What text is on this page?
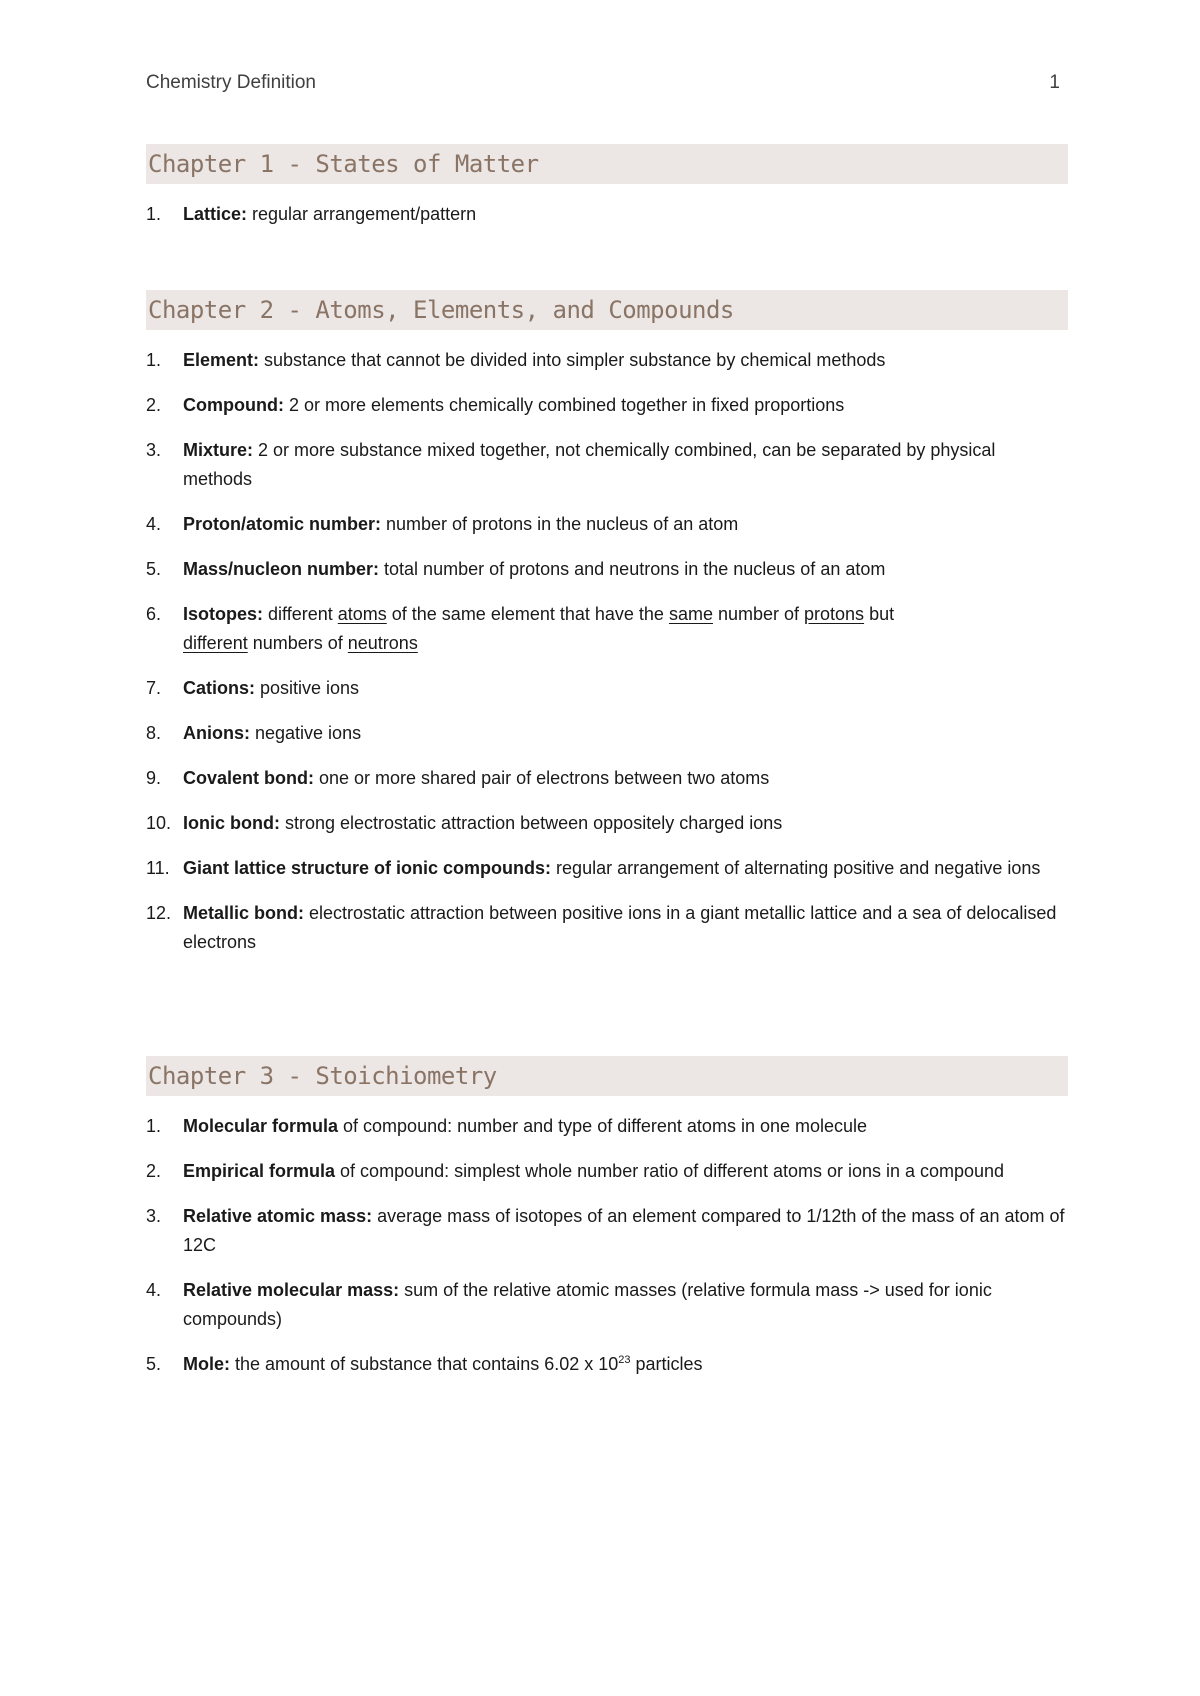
Chemistry Definition	1
Chapter 1 - States of Matter
1. Lattice: regular arrangement/pattern
Chapter 2 - Atoms, Elements, and Compounds
1. Element: substance that cannot be divided into simpler substance by chemical methods
2. Compound: 2 or more elements chemically combined together in fixed proportions
3. Mixture: 2 or more substance mixed together, not chemically combined, can be separated by physical methods
4. Proton/atomic number: number of protons in the nucleus of an atom
5. Mass/nucleon number: total number of protons and neutrons in the nucleus of an atom
6. Isotopes: different atoms of the same element that have the same number of protons but
different numbers of neutrons
7. Cations: positive ions
8. Anions: negative ions
9. Covalent bond: one or more shared pair of electrons between two atoms
10. Ionic bond: strong electrostatic attraction between oppositely charged ions
11. Giant lattice structure of ionic compounds: regular arrangement of alternating positive and negative ions
12. Metallic bond: electrostatic attraction between positive ions in a giant metallic lattice and a sea of delocalised electrons
Chapter 3 - Stoichiometry
1. Molecular formula of compound: number and type of different atoms in one molecule
2. Empirical formula of compound: simplest whole number ratio of different atoms or ions in a compound
3. Relative atomic mass: average mass of isotopes of an element compared to 1/12th of the mass of an atom of 12C
4. Relative molecular mass: sum of the relative atomic masses (relative formula mass -> used for ionic compounds)
5. Mole: the amount of substance that contains 6.02 x $10^{23}$ particles
